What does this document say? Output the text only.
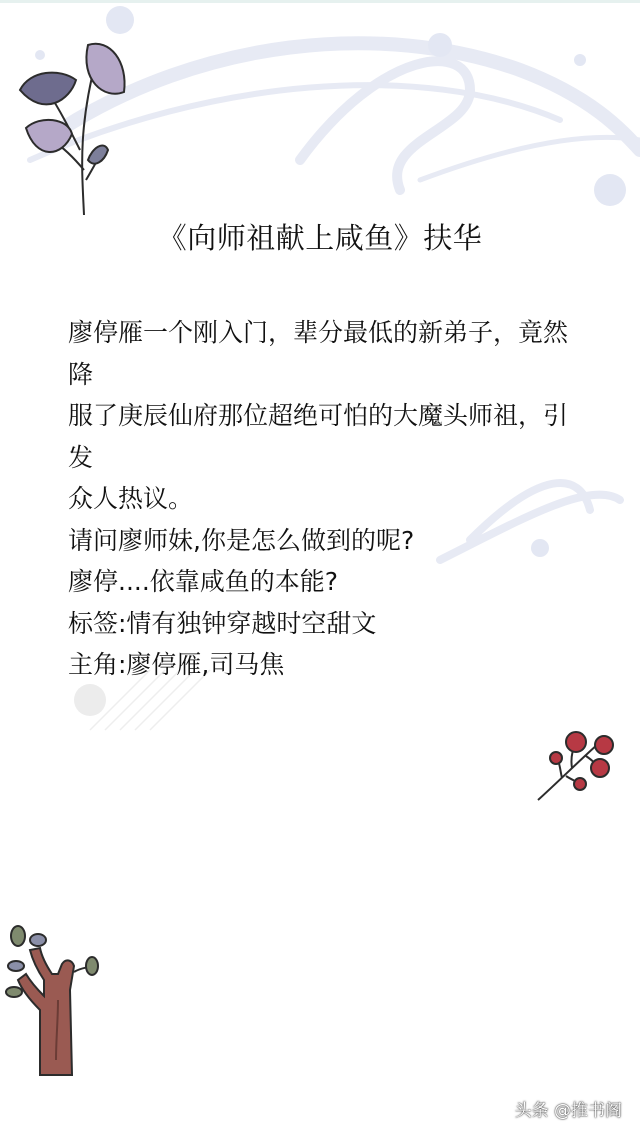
《向师祖献上咸鱼》扶华
廖停雁一个刚入门，辈分最低的新弟子，竟然
降
服了庚辰仙府那位超绝可怕的大魔头师祖，引
发
众人热议。
请问廖师妹,你是怎么做到的呢?
廖停....依靠咸鱼的本能?
标签:情有独钟穿越时空甜文
主角:廖停雁,司马焦
头条 @推书阁
